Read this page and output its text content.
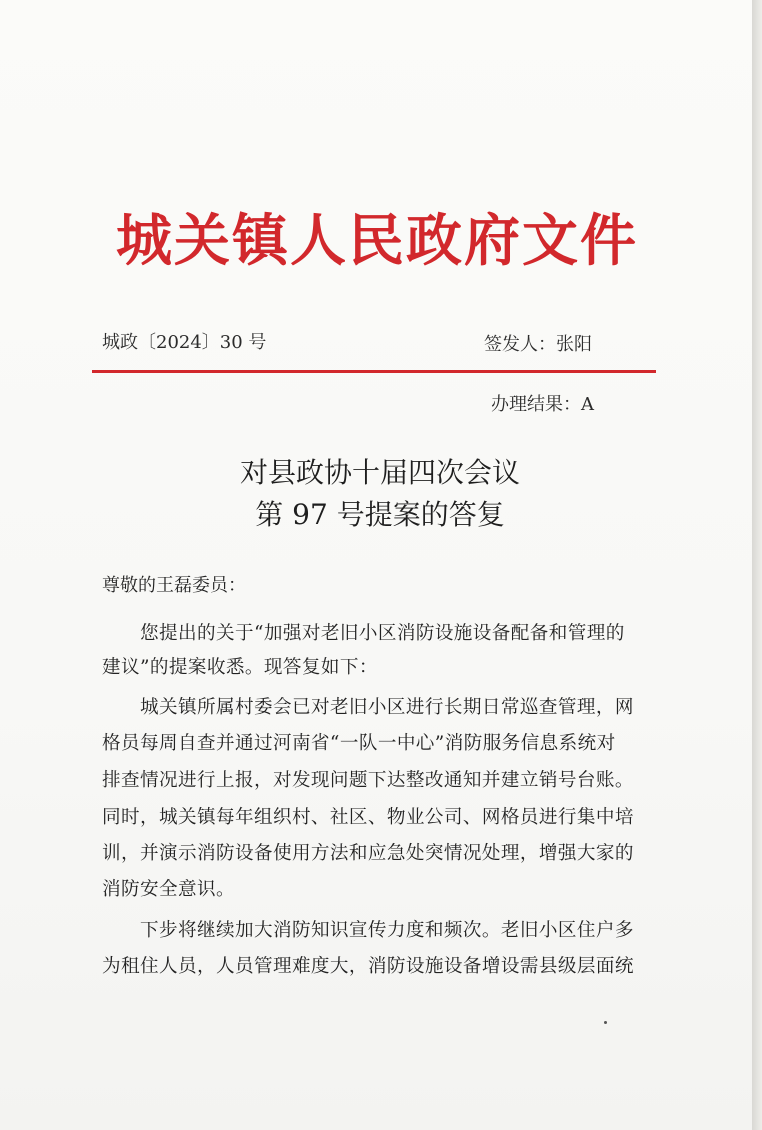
城关镇人民政府文件
城政〔2024〕30 号	签发人：张阳
办理结果：A
对县政协十届四次会议
第 97 号提案的答复
尊敬的王磊委员：
您提出的关于“加强对老旧小区消防设施设备配备和管理的
建议”的提案收悉。现答复如下：
城关镇所属村委会已对老旧小区进行长期日常巡查管理，网
格员每周自查并通过河南省“一队一中心”消防服务信息系统对
排查情况进行上报，对发现问题下达整改通知并建立销号台账。
同时，城关镇每年组织村、社区、物业公司、网格员进行集中培
训，并演示消防设备使用方法和应急处突情况处理，增强大家的
消防安全意识。
下步将继续加大消防知识宣传力度和频次。老旧小区住户多
为租住人员，人员管理难度大，消防设施设备增设需县级层面统
